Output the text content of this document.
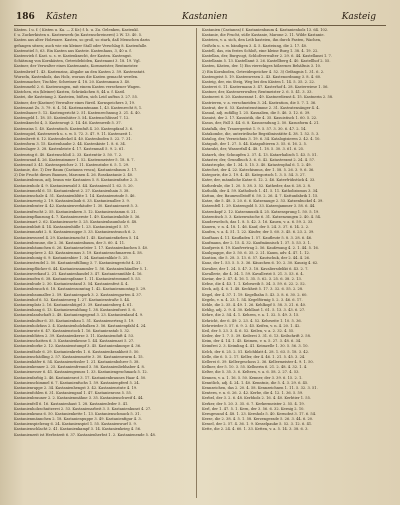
186 Kästen	Kastanien	Kasteig
Kästen. I u. f. ( Kisten u. Ka. — Z Kr.) f. h. u. Zu. Gelenken, Kastenkl.
f. u. Zuckerkisten u. Kastenwerk (in Kastenschreinerei) 2 W. 13. 40. 5.
Kasten aus alter Holzware. Kasten, so groß, so stark, daß Menschen darin
gefangen sitzen; auch wie ein kleiner Stall oder Verschlag 8. Kastenfalle.
Kastenstiel 5, 63. Ein Kasten aus Kasteie. Kastenhaus, 3, 40 u. f.
Kastenvieh f. Kast. u. s. w. Kastenknecht, der Kasten. Kastengut.
Schätzung von Kornkästen, Getreideböden, Kastenamt 3. 18. 19. Vgl.
Kastner, der Verwalter eines Kastenamts, Kornmeister, Rentmeister.
Kastenbrief 1. 43. Kastenzins, Abgabe an den Kasten 2. 59. Kastenstatt.
Wurzeln, Kastenholz, das Holz, woraus die Kasten gemacht werden.
Kastenmacher, Tischler, Schreiner 4. 18. 20. Kastenmann 3. 40.
Kastenmehl 2. 6. Kastenwagen, mit einem Kasten versehener Wagen.
Kästchen, ein (kleiner) Kasten, Schränkchen 8, 44 u. f. Kastl.
Kastei, die Kasteiung 2. Kasteien, büßen, sich Leid auftun 3. 27. 55.
Kästner, der (Kastner) Verwalter eines fürstl. Kornspeichers 3, 19.
Kastenamt Zs. 3. 79. 6. 4. 14. Kastenamtmann 1, 43. Kastenrecht 8, 1.
Kastenbauer 5. 12. Kastengericht 2. 51. Kastenrechnung 3. 21. 4. 40.
Kastengeld 1. 18. 55. Kastenhüter 3. 54. Kastenschlüssel 7. 12.
Kastenknecht 4, 3. Kastenvogt 2. 14. 46. Kastenweib 5. 37.
Kastenzins 1. 40. Kastentisch. Kastenfuß 4. 20. Kastenpfand 3. 6.
Kastenspiel, Kastenwerk u. s. w. 5. 72. 3. 47. 9. 11. Kastenzeit 1.
Kastenbrett 6. 12. Kastendeckel 4. 40. Kastenboden 5. 22. 7. 31.
Kastenform 3. 15. Kastenhaube 2. 44. Kastenkiste 1. 8. 6. 34.
Kastenlager 3. 28. Kastenleiste 4. 17. Kastenmaß 5. 9. 2. 61.
Kastenring 6. 40. Kastenschloß 2. 33. Kastentür 3. 50. 7. 2.
Kastenwand 4. 26. Kastenzimmer 1. 52. Kastenmeister 5. 18. 8. 7.
Kastenrad 3. 41. Kastenspeicher 2. 11. Kastenstube 6. 5. 1. 29.
Kastanie, die. 1) Der Baum (Castanea vesca), Kastanienbaum 3. 17.
2) Die Frucht dieses Baumes, Maronen 4. 26. Rosskastanie 2. 40.
Kastanienbraun, adj. braun wie Kastanien 5. 8. Kastanienfarbe 2. 3.
Kastanienholz 4. 9. Kastanienwald 3. 44. Kastanienöl 1. 62. 5. 20.
Kastanienmehl 6. 15. Kastanienbrot 2. 27. Kastanienhain 3. 38.
Kastanienschale 4. 51. Kastanienblüte 1. 14. Kastanienrinde 5. 46.
Kastanienzweig 2. 19. Kastanienlaub 6. 33. Kastanienallee 3. 9.
Kastanienbrater 4. 42. Kastanienverkäufer 1. 30. Kastanienzeit 5. 3.
Kastanienfrucht 2. 55. Kastanienkern 3. 12. Kastanienstamm 6. 21.
Kastanienpflanzung 4. 7. Kastanienernte 1. 49. Kastanienkohle 5. 36.
Kastanienart 2. 62. Kastaniensorte 3. 25. Kastanienbaumholz 6. 48.
Kastanienblatt 4. 14. Kastanienhülle 1. 23. Kastanienigel 5. 57.
Kastanienmarkt 2. 8. Kastaniensuppe 3. 33. Kastanienstrauch 6. 2.
Kastanienwurzel 4. 29. Kastanienzucht 1. 45. Kastanienfarben 5. 14.
Kastanienbraune, die 2. 36. Kastanienbaum, der 3. 60. 4. 11.
Kastanienbäumchen 6. 26. Kastanienröster 1. 17. Kastanienkuchen 5. 40.
Kastanienpüree 2. 43. Kastanienmus 3. 19. Kastanienschmarren 4. 58.
Kastanienhonig 6. 9. Kastanienbier 1. 34. Kastanienlikör 5. 25.
Kastanienstrudel 2. 50. Kastanienfüllung 3. 7. Kastaniengericht 4. 31.
Kastanienpflücker 6. 44. Kastaniensammler 1. 56. Kastanienhändler 5. 1.
Kastanienverkauf 2. 21. Kastanienhandel 3. 47. Kastanienmühle 4. 16.
Kastanienofen 6. 38. Kastanienpfanne 1. 11. Kastanientrommel 5. 53.
Kastanienbude 2. 30. Kastanienstand 3. 54. Kastanienfest 4. 4.
Kastanienbrauch 6. 18. Kastaniensonntag 1. 42. Kastanienmontag 5. 29.
Kastanienbaumallee 2. 59. Kastanienpark 3. 2. Kastaniengarten 4. 37.
Kastanienhof 6. 52. Kastanienweg 1. 27. Kastanienstraße 5. 44.
Kastanienplatz 2. 16. Kastanienhügel 3. 39. Kastanienberg 4. 61.
Kastanienhang 6. 13. Kastanienwaldung 1. 38. Kastanienforst 5. 6.
Kastanienlandschaft 2. 48. Kastaniengegend 3. 23. Kastanienland 4. 9.
Kastanienkultur 6. 35. Kastanienbau 1. 51. Kastanienertrag 5. 19.
Kastanienholzfass 2. 4. Kastanienholzbalken 3. 56. Kastanienpfahl 4. 24.
Kastanienrute 6. 47. Kastanienstock 1. 16. Kastanienstab 5. 32.
Kastanienblüten 2. 39. Kastanienkerze 3. 11. Kastanienduft 4. 53.
Kastanienschatten 6. 3. Kastanienkrone 1. 44. Kastanienast 5. 27.
Kastanienborke 2. 12. Kastanienstumpf 3. 45. Kastanienknospe 4. 36.
Kastanienfäule 6. 29. Kastanienkrebs 1. 6. Kastanienkrankheit 5. 50.
Kastanienschädling 2. 57. Kastanienmotte 3. 30. Kastanienwurm 4. 15.
Kastanienkäfer 6. 54. Kastanienrüssler 1. 21. Kastanienbohrer 5. 38.
Kastanienkenner 2. 25. Kastanienfreund 3. 58. Kastanienliebhaber 4. 8.
Kastanienesser 6. 41. Kastaniengenuss 1. 33. Kastaniengeschmack 5. 12.
Kastanienfarbig 2. 46. Kastanienrot 3. 17. Kastanienbraunes Haar 4. 50.
Kastanienschimmel 6. 7. Kastanienfuchs 1. 59. Kastanienpferd 5. 24.
Kastanienrappe 2. 34. Kastanienhengst 3. 42. Kastanienstute 4. 19.
Kastanienfohlen 6. 31. Kastaniengaul 1. 47. Kastanienross 5. 55.
Kastanienbrauner 2. 2. Kastanienmähne 3. 35. Kastanienschweif 4. 44.
Kastanienfell 6. 16. Kastanienhaut 1. 28. Kastanienleder 5. 41.
Kastanienholzschnitzerei 2. 53. Kastanienarbeit 3. 5. Kastanienkunst 4. 27.
Kastanienkranz 6. 50. Kastanienkette 1. 13. Kastanienschmuck 5. 31.
Kastanienmännchen 2. 18. Kastanienpuppe 3. 49. Kastanienfigur 4. 3.
Kastanienspielzeug 6. 24. Kastanienspiel 1. 55. Kastanienwurf 5. 9.
Kastanienschlacht 2. 41. Kastanienkampf 3. 14. Kastanienkrieg 4. 56.
Kastanienzeit ist Herbstzeit 6. 37. Kastanienherbst 1. 2. Kastanienende 5. 48.
Kastanien (Castanea) f. Kastanienbaum 4. Kastanienholz 13. 64. 102.
Kastanie, die Frucht, süße Kastanie, Marone 2. 11. Wilde Kastanie.
Kasteien, v. a. sich, den Leib kasteien, ihn durch Fasten, Wachen,
Geißeln u. s. w. bändigen 3. 4. 5. Kasteiung, die 2. 17. 40.
Kastell, das, ein festes Schloß, eine kleine Burg 1. 38. 4. 19. 22.
Kastellan, der, Burgvogt, Schloßverwalter 2. 29. 6. 44. Kastellanei 1. 7.
Kastellanin 5. 13. Kastellamt 3. 26. Kastellberg 4. 40. Kastellhof 2. 55.
Kasten, Kästen, der. 1) Ein viereckiges hölzernes Behältnis 3. 10.
2) Ein Kornboden, Getreidespeicher 4. 52. 3) Gefängnis 1. 31. 6. 2.
Kastengeist 5. 19. Kastenwesen 2. 43. Kastenordnung 3. 8. 4. 60.
Kasteig, der, ein Steig, Weg bei den Kästen 1. 14. 5. 35. 2. 22.
Kasterei 6. 11. Kastermann 3. 47. Kasterhof 4. 28. Kasterwiese 1. 56.
Kastner, der, Kastenverwalter, Rentmeister 2. 6. 5. 41. 3. 33.
Kastnerei 6. 20. Kastneramt 1. 49. Kastnerdienst 4. 15. Kastnerin 2. 58.
Kastrieren, v. a. verschneiden 3. 24. Kastration, die 5. 7. 1. 36.
Kastrat, der 6. 53. Kastratenstimme 2. 31. Kastratensänger 4. 4.
Kasual, adj. zufällig 1. 25. Kasualien, die 5. 46. 3. 12. 6. 39.
Kasuist, der 2. 17. Kasuistik, die 4. 35. Kasuistisch 1. 60. 5. 22.
Kasus, der, Fall 3. 44. 6. 8. Kasusendung 2. 50. Kasusform 4. 21.
Katafalk, der, Trauergerüst 1. 9. 5. 57. 3. 30. 6. 47. 2. 14.
Katakombe, die, unterirdische Begräbnisstätte 4. 38. 1. 52. 5. 3.
Katalog, der, Verzeichnis 3. 19. 6. 34. Katalogisieren 2. 42. 4. 10.
Katapult, der 1. 27. 5. 44. Katapultieren 3. 55. 6. 16. 2. 5.
Katarakt, der, Wasserfall 4. 48. 1. 18. 5. 30. 3. 61. 6. 25.
Katarrh, der, Schnupfen 2. 37. 4. 13. Katarrhalisch 1. 43. 5. 51.
Kataster, der, Grundbuch 3. 6. 6. 42. Katasteramt 2. 24. 4. 57.
Katastrophe, die 1. 34. 5. 15. 3. 40. Katastrophal 6. 1. 2. 49.
Katechet, der 4. 22. Katechismus, der 1. 58. 5. 26. 3. 9. 6. 36.
Kategorie, die 2. 19. 4. 45. Kategorisch 1. 3. 5. 54. 3. 27.
Kater, der, männliche Katze 6. 12. 2. 46. Katerfrühstück 4. 33.
Kathedrale, die 1. 20. 5. 38. 3. 52. Katheder, das 6. 28. 2. 8.
Katholik, der 4. 59. Katholisch 1. 41. 5. 11. Katholizismus 3. 34.
Kattun, der, Baumwollstoff 6. 50. 2. 26. 4. 7. Kattunfabrik 1. 15.
Katze, die 5. 48. 3. 20. 6. 6. Katzenauge 2. 53. Katzenbuckel 4. 39.
Katzenfell 1. 29. Katzengold 5. 33. Katzenjammer 3. 58. 6. 44.
Katzenkopf 2. 12. Katzenmusik 4. 25. Katzensprung 1. 50. 5. 19.
Katzentisch 3. 3. Katzenwäsche 6. 31. Katzenzungen 2. 40. 4. 54.
Kauderwelsch, das 1. 8. 5. 42. 3. 16. Kauen, v. a. 6. 59. 2. 33.
Kauern, v. n. 4. 18. 1. 46. Kauf, der 5. 24. 3. 37. 6. 14. 2. 2.
Kaufen, v. a. 4. 51. 1. 22. Käufer, der 5. 60. 3. 45. 6. 23. 2. 39.
Kaufhaus 4. 11. Kaufladen 1. 57. Kaufleute 5. 8. 3. 28. 6. 46.
Kaufmann, der 2. 15. 4. 32. Kaufmännisch 1. 37. 5. 53. 3. 1.
Kaufpreis 6. 19. Kaufvertrag 2. 56. Kaufzwang 4. 2. 1. 44. 5. 16.
Kaulquappe, die 3. 50. 6. 35. 2. 21. Kaum, adv. 4. 47. 1. 12.
Kaution, die 5. 28. 3. 13. 6. 57. Kautschuk, der 2. 44. 4. 26.
Kauz, der 1. 53. 5. 5. 3. 36. Käuzchen 6. 10. 2. 30. Kauzig 4. 62.
Kavalier, der 1. 24. 5. 47. 3. 18. Kavaliersdelikt 6. 43. 2. 7.
Kavallerie, die 4. 34. 1. 59. Kavallerist 5. 21. 3. 53. 6. 4.
Kaviar, der 2. 47. 4. 16. 1. 35. 5. 62. 3. 25. 6. 38. 2. 13.
Kebse, die 4. 43. 1. 1. Kebsweib 5. 34. 3. 59. 6. 22. 2. 52.
Keck, adj. 4. 6. 1. 48. Keckheit 5. 17. 3. 32. 6. 55. 2. 28.
Kegel, der 4. 37. 1. 19. Kegelbahn 5. 43. 3. 8. 6. 30. 2. 60.
Kegeln, v. n. 4. 23. 1. 54. Kegelförmig 5. 2. 3. 46. 6. 17.
Kehle, die 2. 35. 4. 49. 1. 26. Kehlkopf 5. 58. 3. 21. 6. 40.
Kehlig, adj. 2. 9. 4. 30. Kehllaut 1. 61. 5. 13. 3. 43. 6. 27.
Kehre, die 2. 54. 4. 1. Kehren, v. a. 1. 32. 5. 49. 3. 15.
Kehricht, der 6. 49. 2. 23. 4. 52. Kehrseite 1. 10. 5. 36.
Kehrwieder 3. 57. 6. 9. 2. 45. Keifen, v. n. 4. 20. 1. 42.
Keil, der 5. 23. 3. 4. 6. 52. Keilen, v. a. 2. 32. 4. 55.
Keiler, der 1. 7. 5. 39. Keilerei 3. 31. 6. 13. Keilschrift 2. 58.
Keim, der 4. 14. 1. 45. Keimen, v. n. 5. 27. 3. 48. 6. 34.
Keimfrei 2. 3. Keimling 4. 41. Keimzelle 1. 30. 5. 56. 3. 10.
Kelch, der 6. 25. 2. 51. Kelchblatt 4. 28. 1. 63. 5. 18. 3. 42.
Kelle, die 6. 5. 2. 17. Keller, der 4. 46. 1. 21. 5. 45. 3. 24.
Kellerei 6. 39. Kellergeschoss 2. 36. Kellermeister 4. 9. 1. 50.
Kellner, der 5. 10. 3. 55. Kellnerin 6. 21. 2. 48. 4. 32. 1. 4.
Kelter, die 5. 35. 3. 6. Keltern, v. a. 6. 58. 2. 27. 4. 53.
Kennen, v. a. 1. 16. 5. 50. Kenner, der 3. 39. 6. 15. 2. 1.
Kenntlich, adj. 4. 24. 1. 40. Kenntnis, die 5. 4. 3. 29. 6. 45.
Kennzeichen, das 2. 20. 4. 58. Kennzeichnen 1. 11. 5. 32. 3. 51.
Kentern, v. n. 6. 26. 2. 42. Kerbe, die 4. 12. 1. 36. 5. 59.
Kerbel, der 3. 2. 6. 48. Kerbholz 2. 16. 4. 40. Kerbtier 1. 55.
Kerker, der 5. 20. 3. 35. 6. 7. Kerkermeister 2. 55. 4. 19.
Kerl, der 1. 47. 5. 1. Kern, der 3. 56. 6. 32. Kernig 2. 10.
Kerngesund 4. 48. 1. 23. Kernholz 5. 40. Kernobst 3. 17. 6. 54.
Kerze, die 2. 38. 4. 5. 1. 58. Kerzengerade 5. 26. 3. 44. 6. 20.
Kessel, der 2. 57. 4. 36. 1. 9. Kesselpauke 5. 52. 3. 12. 6. 41.
Kette, die 2. 24. 4. 60. 1. 33. Ketten, v. a. 5. 14. 3. 38. 6. 3.
